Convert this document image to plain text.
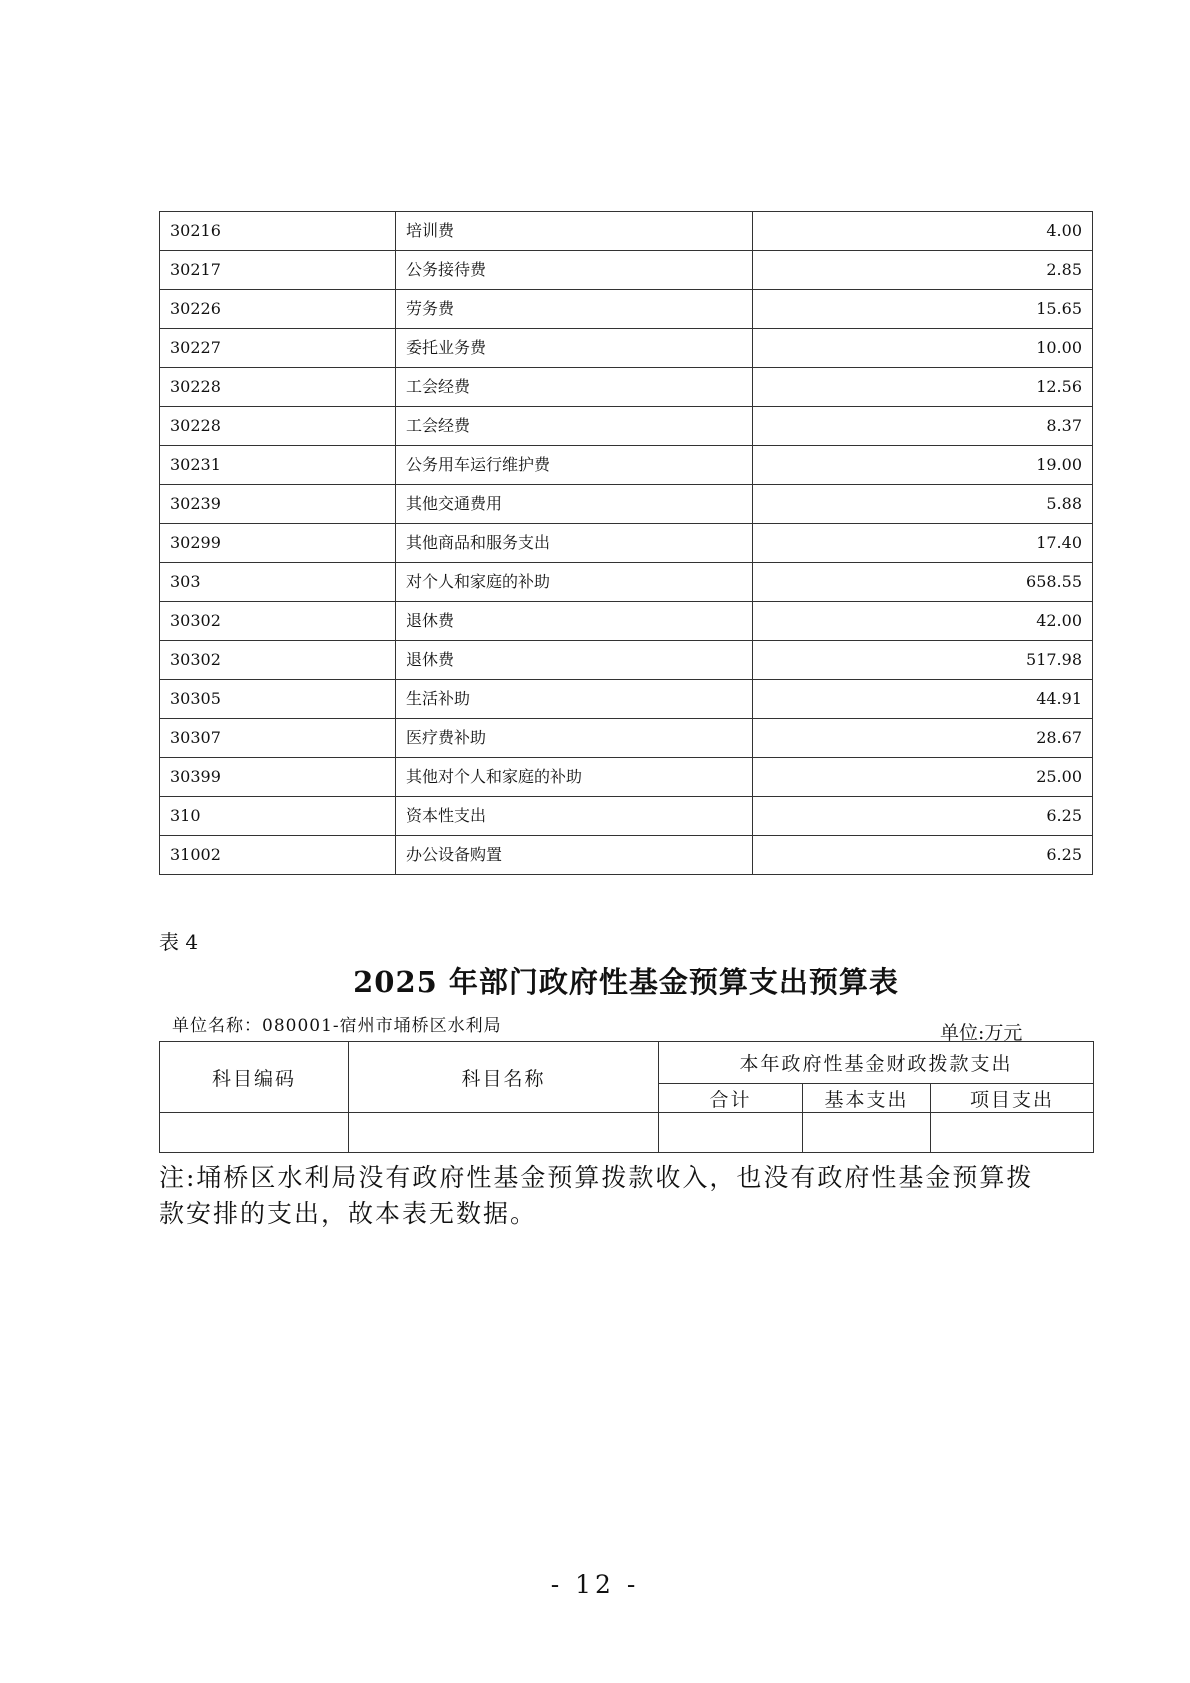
30216	培训费	4.00
30217	公务接待费	2.85
30226	劳务费	15.65
30227	委托业务费	10.00
30228	工会经费	12.56
30228	工会经费	8.37
30231	公务用车运行维护费	19.00
30239	其他交通费用	5.88
30299	其他商品和服务支出	17.40
303	对个人和家庭的补助	658.55
30302	退休费	42.00
30302	退休费	517.98
30305	生活补助	44.91
30307	医疗费补助	28.67
30399	其他对个人和家庭的补助	25.00
310	资本性支出	6.25
31002	办公设备购置	6.25
表 4
2025 年部门政府性基金预算支出预算表
单位名称：080001-宿州市埇桥区水利局	单位:万元
科目编码	科目名称	本年政府性基金财政拨款支出		
		合计	基本支出	项目支出

注:埇桥区水利局没有政府性基金预算拨款收入，也没有政府性基金预算拨款安排的支出，故本表无数据。
- 12 -
